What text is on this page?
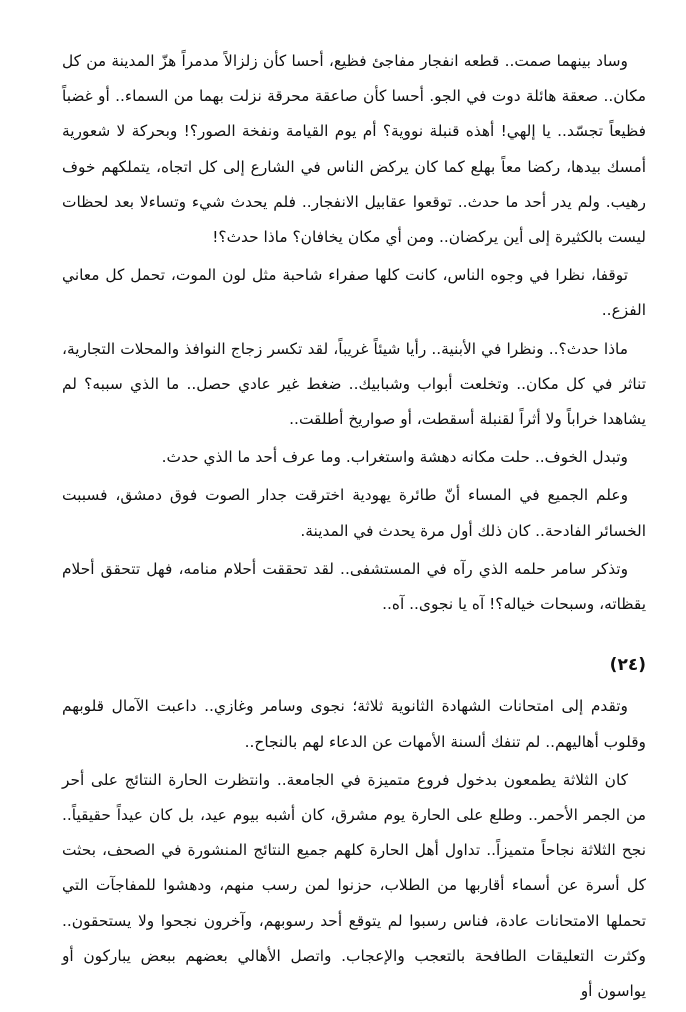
وساد بينهما صمت.. قطعه انفجار مفاجئ فظيع، أحسا كأن زلزالاً مدمراً هزّ المدينة من كل مكان.. صعقة هائلة دوت في الجو. أحسا كأن صاعقة محرقة نزلت بهما من السماء.. أو غضباً فظيعاً تجسّد.. يا إلهي! أهذه قنبلة نووية؟ أم يوم القيامة ونفخة الصور؟! وبحركة لا شعورية أمسك بيدها، ركضا معاً بهلع كما كان يركض الناس في الشارع إلى كل اتجاه، يتملكهم خوف رهيب. ولم يدر أحد ما حدث.. توقعوا عقابيل الانفجار.. فلم يحدث شيء وتساءلا بعد لحظات ليست بالكثيرة إلى أين يركضان.. ومن أي مكان يخافان؟ ماذا حدث؟!

توقفا، نظرا في وجوه الناس، كانت كلها صفراء شاحبة مثل لون الموت، تحمل كل معاني الفزع..

ماذا حدث؟.. ونظرا في الأبنية.. رأيا شيئاً غريباً، لقد تكسر زجاج النوافذ والمحلات التجارية، تناثر في كل مكان.. وتخلعت أبواب وشبابيك.. ضغط غير عادي حصل.. ما الذي سببه؟ لم يشاهدا خراباً ولا أثراً لقنبلة أسقطت، أو صواريخ أطلقت..

وتبدل الخوف.. حلت مكانه دهشة واستغراب. وما عرف أحد ما الذي حدث.

وعلم الجميع في المساء أنّ طائرة يهودية اخترقت جدار الصوت فوق دمشق، فسببت الخسائر الفادحة.. كان ذلك أول مرة يحدث في المدينة.

وتذكر سامر حلمه الذي رآه في المستشفى.. لقد تحققت أحلام منامه، فهل تتحقق أحلام يقظاته، وسبحات خياله؟! آه يا نجوى.. آه..

(٢٤)

وتقدم إلى امتحانات الشهادة الثانوية ثلاثة؛ نجوى وسامر وغازي.. داعبت الآمال قلوبهم وقلوب أهاليهم.. لم تنفك ألسنة الأمهات عن الدعاء لهم بالنجاح..

كان الثلاثة يطمعون بدخول فروع متميزة في الجامعة.. وانتظرت الحارة النتائج على أحر من الجمر الأحمر.. وطلع على الحارة يوم مشرق، كان أشبه بيوم عيد، بل كان عيداً حقيقياً.. نجح الثلاثة نجاحاً متميزاً.. تداول أهل الحارة كلهم جميع النتائج المنشورة في الصحف، بحثت كل أسرة عن أسماء أقاربها من الطلاب، حزنوا لمن رسب منهم، ودهشوا للمفاجآت التي تحملها الامتحانات عادة، فناس رسبوا لم يتوقع أحد رسوبهم، وآخرون نجحوا ولا يستحقون.. وكثرت التعليقات الطافحة بالتعجب والإعجاب. واتصل الأهالي بعضهم ببعض يباركون أو يواسون أو
